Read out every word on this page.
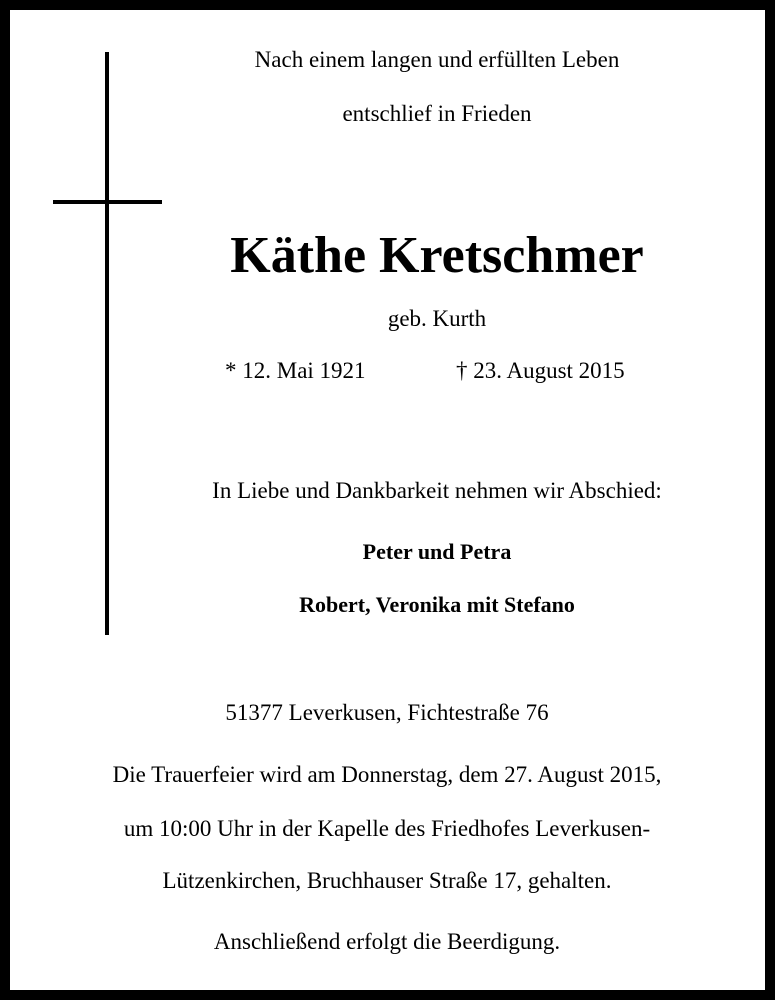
Nach einem langen und erfüllten Leben
entschlief in Frieden
Käthe Kretschmer
geb. Kurth
* 12. Mai 1921	† 23. August 2015
In Liebe und Dankbarkeit nehmen wir Abschied:
Peter und Petra
Robert, Veronika mit Stefano
51377 Leverkusen, Fichtestraße 76
Die Trauerfeier wird am Donnerstag, dem 27. August 2015,
um 10:00 Uhr in der Kapelle des Friedhofes Leverkusen-
Lützenkirchen, Bruchhauser Straße 17, gehalten.
Anschließend erfolgt die Beerdigung.
